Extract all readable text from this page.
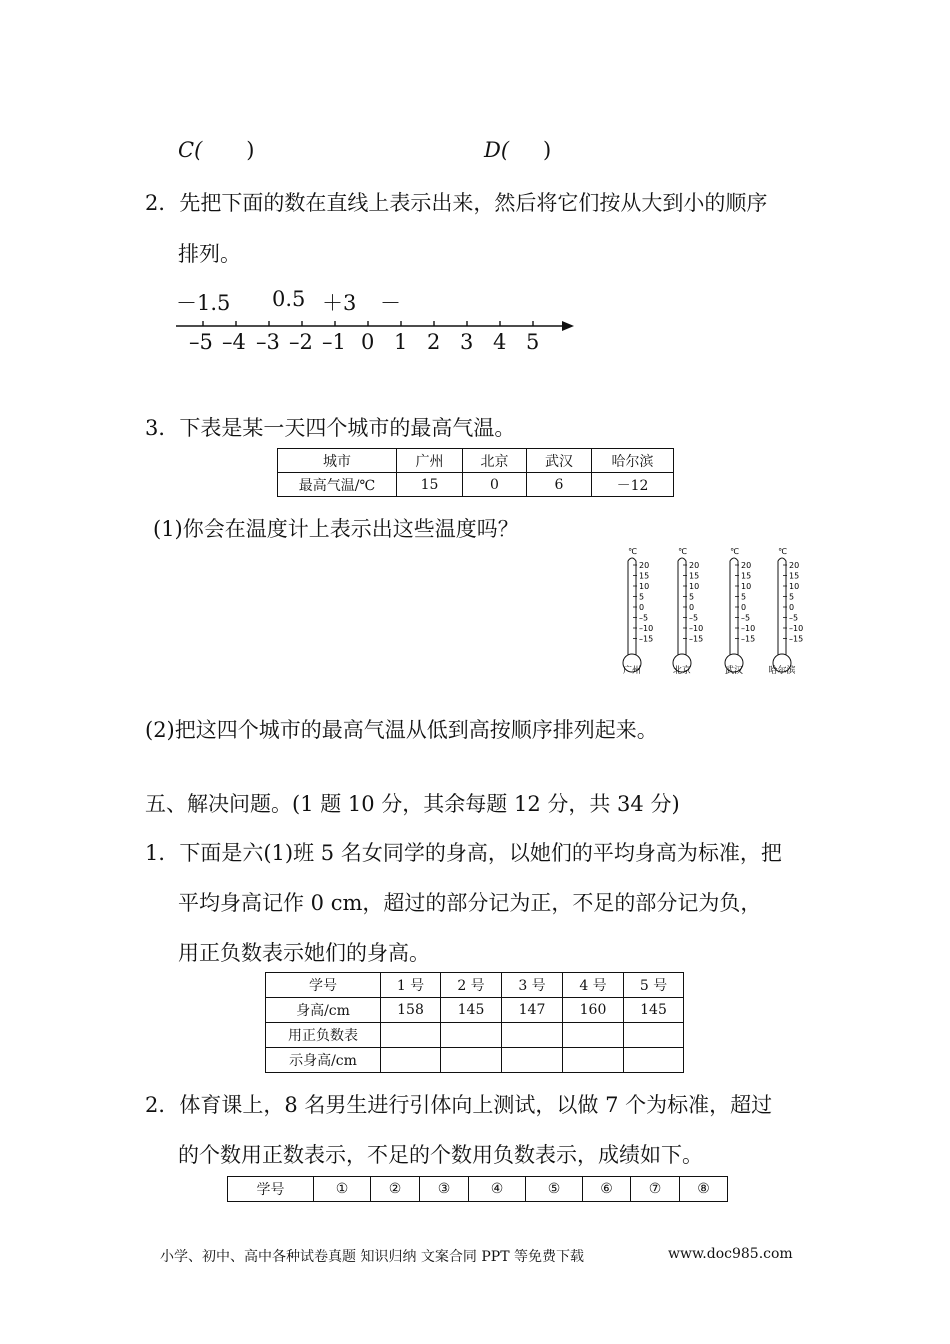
C( )	D( )
2．先把下面的数在直线上表示出来，然后将它们按从大到小的顺序
排列。
－1.5 0.5 ＋3 －
–5 –4 –3 –2 –1 0 1 2 3 4 5
3．下表是某一天四个城市的最高气温。
城市	广州	北京	武汉	哈尔滨
最高气温/℃	15	0	6	－12
(1)你会在温度计上表示出这些温度吗？
℃
20
15
10
5
0
–5
–10
–15
广州
℃
20
15
10
5
0
–5
–10
–15
北京
℃
20
15
10
5
0
–5
–10
–15
武汉
℃
20
15
10
5
0
–5
–10
–15
哈尔滨
(2)把这四个城市的最高气温从低到高按顺序排列起来。
五、解决问题。(1 题 10 分，其余每题 12 分，共 34 分)
1．下面是六(1)班 5 名女同学的身高，以她们的平均身高为标准，把
平均身高记作 0 cm，超过的部分记为正，不足的部分记为负，
用正负数表示她们的身高。
学号	1 号	2 号	3 号	4 号	5 号
身高/cm	158	145	147	160	145
用正负数表					
示身高/cm					
2．体育课上，8 名男生进行引体向上测试，以做 7 个为标准，超过
的个数用正数表示，不足的个数用负数表示，成绩如下。
学号	①	②	③	④	⑤	⑥	⑦	⑧
小学、初中、高中各种试卷真题 知识归纳 文案合同 PPT 等免费下载	www.doc985.com
